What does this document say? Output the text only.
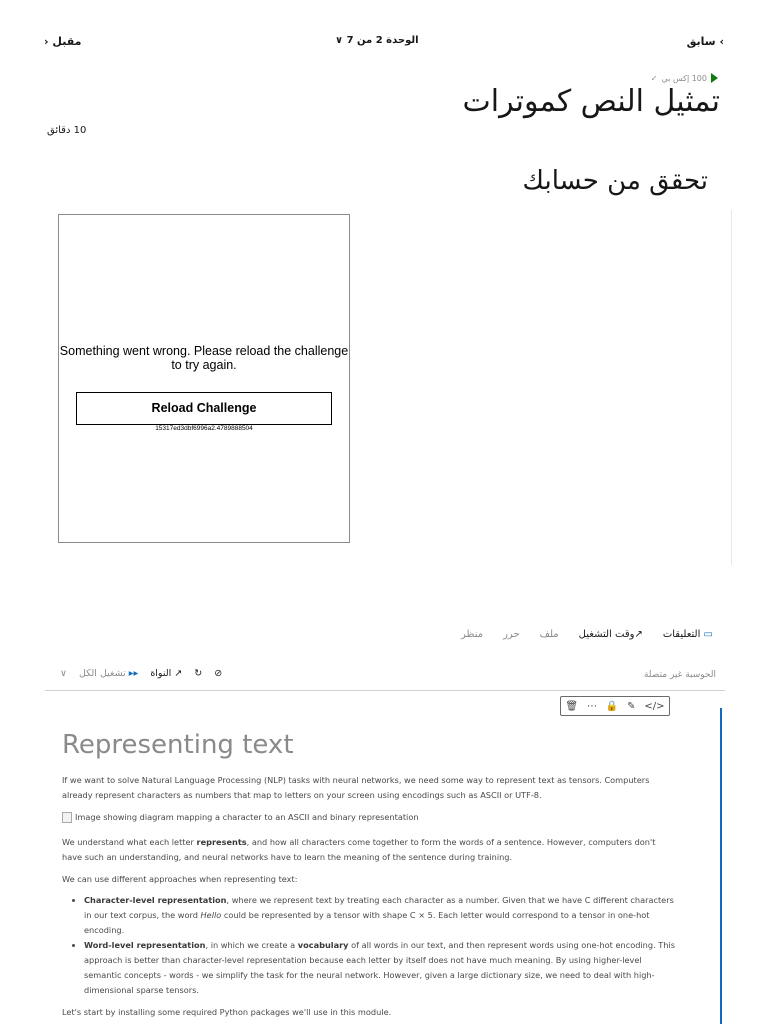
› سابق
الوحدة 2 من 7 ∨
مقبل ‹
100 إكس بي
✓
تمثيل النص كموترات
10 دقائق
تحقق من حسابك
Something went wrong. Please reload the challenge to try again.
Reload Challenge
15317ed3dbf6996a2.4789888504
▭ التعليقات
↗وقت التشغيل
ملف
حرر
منظر
الحوسبة غير متصلة
⊘
↻
↗ النواة
▸▸ تشغيل الكل
∨
🗑 ⋯ 🔒 ✎ </>
Representing text
If we want to solve Natural Language Processing (NLP) tasks with neural networks, we need some way to represent text as tensors. Computers already represent characters as numbers that map to letters on your screen using encodings such as ASCII or UTF-8.
Image showing diagram mapping a character to an ASCII and binary representation
We understand what each letter represents, and how all characters come together to form the words of a sentence. However, computers don't have such an understanding, and neural networks have to learn the meaning of the sentence during training.
We can use different approaches when representing text:
• Character-level representation, where we represent text by treating each character as a number. Given that we have C different characters in our text corpus, the word Hello could be represented by a tensor with shape C × 5. Each letter would correspond to a tensor in one-hot encoding.
• Word-level representation, in which we create a vocabulary of all words in our text, and then represent words using one-hot encoding. This approach is better than character-level representation because each letter by itself does not have much meaning. By using higher-level semantic concepts - words - we simplify the task for the neural network. However, given a large dictionary size, we need to deal with high-dimensional sparse tensors.
Let's start by installing some required Python packages we'll use in this module.
